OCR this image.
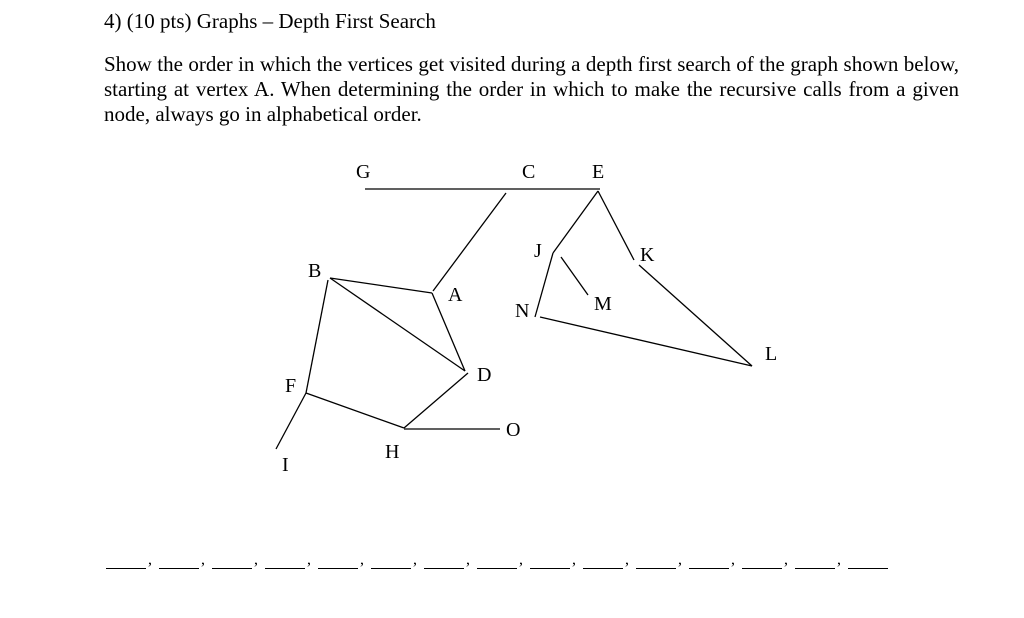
4) (10 pts) Graphs – Depth First Search
Show the order in which the vertices get visited during a depth first search of the graph shown below, starting at vertex A. When determining the order in which to make the recursive calls from a given node, always go in alphabetical order.
G	C	E
J	K
B
A
N	M
L
F	D
O
I
H
,	,	,	,	,	,	,	,	,	,	,	,	,	,
